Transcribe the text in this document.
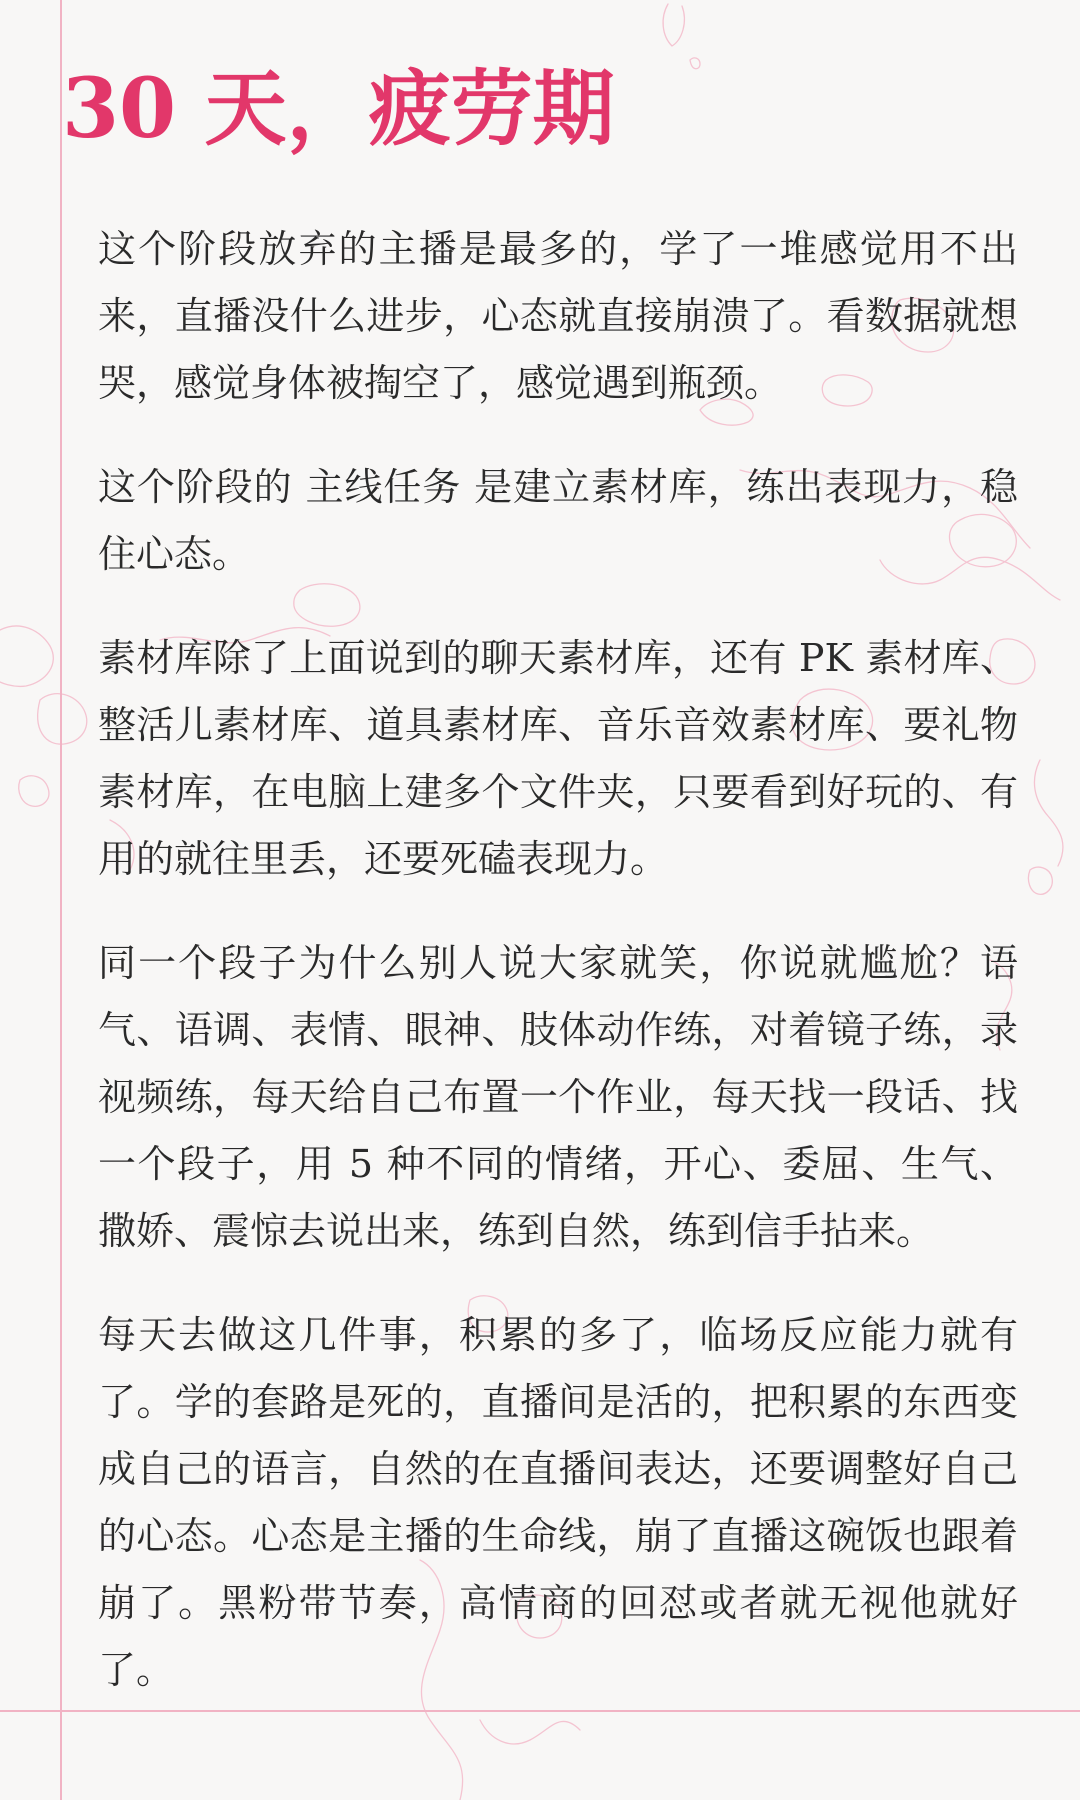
30 天，疲劳期
这个阶段放弃的主播是最多的，学了一堆感觉用不出
来，直播没什么进步，心态就直接崩溃了。看数据就想
哭，感觉身体被掏空了，感觉遇到瓶颈。
这个阶段的 主线任务 是建立素材库，练出表现力，稳
住心态。
素材库除了上面说到的聊天素材库，还有 PK 素材库、
整活儿素材库、道具素材库、音乐音效素材库、要礼物
素材库，在电脑上建多个文件夹，只要看到好玩的、有
用的就往里丢，还要死磕表现力。
同一个段子为什么别人说大家就笑，你说就尴尬？语
气、语调、表情、眼神、肢体动作练，对着镜子练，录
视频练，每天给自己布置一个作业，每天找一段话、找
一个段子，用 5 种不同的情绪，开心、委屈、生气、
撒娇、震惊去说出来，练到自然，练到信手拈来。
每天去做这几件事，积累的多了，临场反应能力就有
了。学的套路是死的，直播间是活的，把积累的东西变
成自己的语言，自然的在直播间表达，还要调整好自己
的心态。心态是主播的生命线，崩了直播这碗饭也跟着
崩了。黑粉带节奏，高情商的回怼或者就无视他就好
了。
